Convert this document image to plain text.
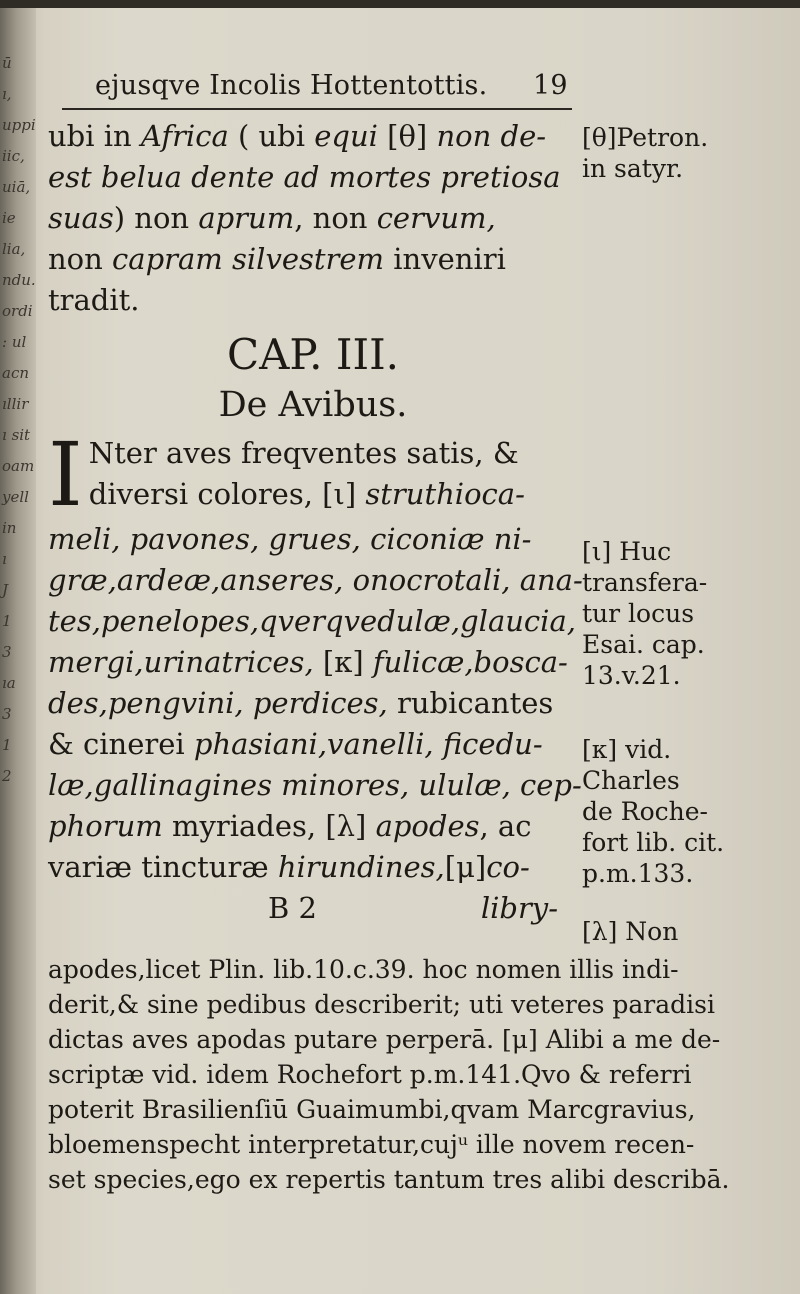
ū
ı,
uppi
iic,
uiā,
ie
lia,
ndu.
ordi
: ul
acn
ıllir
ı sit
oam
yell
in
ı
J
1
3
ıa
3
1
2
ejusqve Incolis Hottentottis. 19
ubi in Africa ( ubi equi [θ] non de-
est belua dente ad mortes pretiosa
suas) non aprum, non cervum,
non capram silvestrem inveniri
tradit.
CAP. III.
De Avibus.
I Nter aves freqventes satis, &
diversi colores, [ι] struthioca-
meli, pavones, grues, ciconiæ ni-
græ,ardeæ,anseres, onocrotali, ana-
tes,penelopes,qverqvedulæ,glaucia,
mergi,urinatrices, [κ] fulicæ,bosca-
des,pengvini, perdices, rubicantes
& cinerei phasiani,vanelli, ficedu-
læ,gallinagines minores, ululæ, cep-
phorum myriades, [λ] apodes, ac
variæ tincturæ hirundines,[μ]co-
B 2	libry-
[θ]Petron.
in satyr.
[ι] Huc
transfera-
tur locus
Esai. cap.
13.v.21.
[κ] vid.
Charles
de Roche-
fort lib. cit.
p.m.133.
[λ] Non
apodes,licet Plin. lib.10.c.39. hoc nomen illis indi-
derit,& sine pedibus describerit; uti veteres paradisi
dictas aves apodas putare perperā. [μ] Alibi a me de-
scriptæ vid. idem Rochefort p.m.141.Qvo & referri
poterit Brasilienſiū Guaimumbi,qvam Marcgravius,
bloemenspecht interpretatur,cujᵘ ille novem recen-
set species,ego ex repertis tantum tres alibi describā.
